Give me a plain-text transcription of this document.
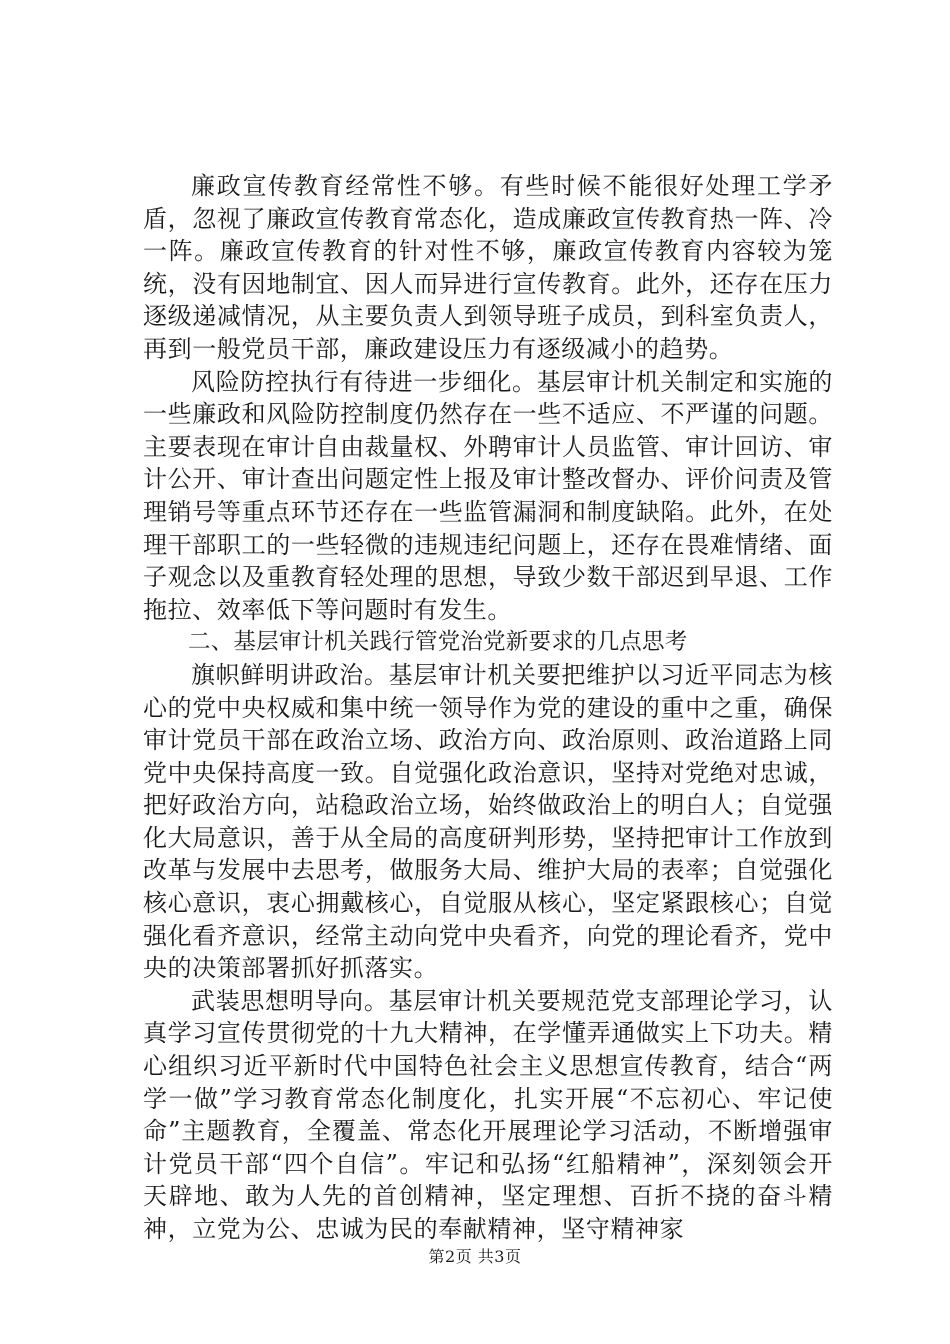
廉政宣传教育经常性不够。有些时候不能很好处理工学矛盾，忽视了廉政宣传教育常态化，造成廉政宣传教育热一阵、冷一阵。廉政宣传教育的针对性不够，廉政宣传教育内容较为笼统，没有因地制宜、因人而异进行宣传教育。此外，还存在压力逐级递减情况，从主要负责人到领导班子成员，到科室负责人，再到一般党员干部，廉政建设压力有逐级减小的趋势。

风险防控执行有待进一步细化。基层审计机关制定和实施的一些廉政和风险防控制度仍然存在一些不适应、不严谨的问题。主要表现在审计自由裁量权、外聘审计人员监管、审计回访、审计公开、审计查出问题定性上报及审计整改督办、评价问责及管理销号等重点环节还存在一些监管漏洞和制度缺陷。此外，在处理干部职工的一些轻微的违规违纪问题上，还存在畏难情绪、面子观念以及重教育轻处理的思想，导致少数干部迟到早退、工作拖拉、效率低下等问题时有发生。

二、基层审计机关践行管党治党新要求的几点思考

旗帜鲜明讲政治。基层审计机关要把维护以习近平同志为核心的党中央权威和集中统一领导作为党的建设的重中之重，确保审计党员干部在政治立场、政治方向、政治原则、政治道路上同党中央保持高度一致。自觉强化政治意识，坚持对党绝对忠诚，把好政治方向，站稳政治立场，始终做政治上的明白人；自觉强化大局意识，善于从全局的高度研判形势，坚持把审计工作放到改革与发展中去思考，做服务大局、维护大局的表率；自觉强化核心意识，衷心拥戴核心，自觉服从核心，坚定紧跟核心；自觉强化看齐意识，经常主动向党中央看齐，向党的理论看齐，党中央的决策部署抓好抓落实。

武装思想明导向。基层审计机关要规范党支部理论学习，认真学习宣传贯彻党的十九大精神，在学懂弄通做实上下功夫。精心组织习近平新时代中国特色社会主义思想宣传教育，结合“两学一做”学习教育常态化制度化，扎实开展“不忘初心、牢记使命”主题教育，全覆盖、常态化开展理论学习活动，不断增强审计党员干部“四个自信”。牢记和弘扬“红船精神”，深刻领会开天辟地、敢为人先的首创精神，坚定理想、百折不挠的奋斗精神，立党为公、忠诚为民的奉献精神，坚守精神家

第2页 共3页
